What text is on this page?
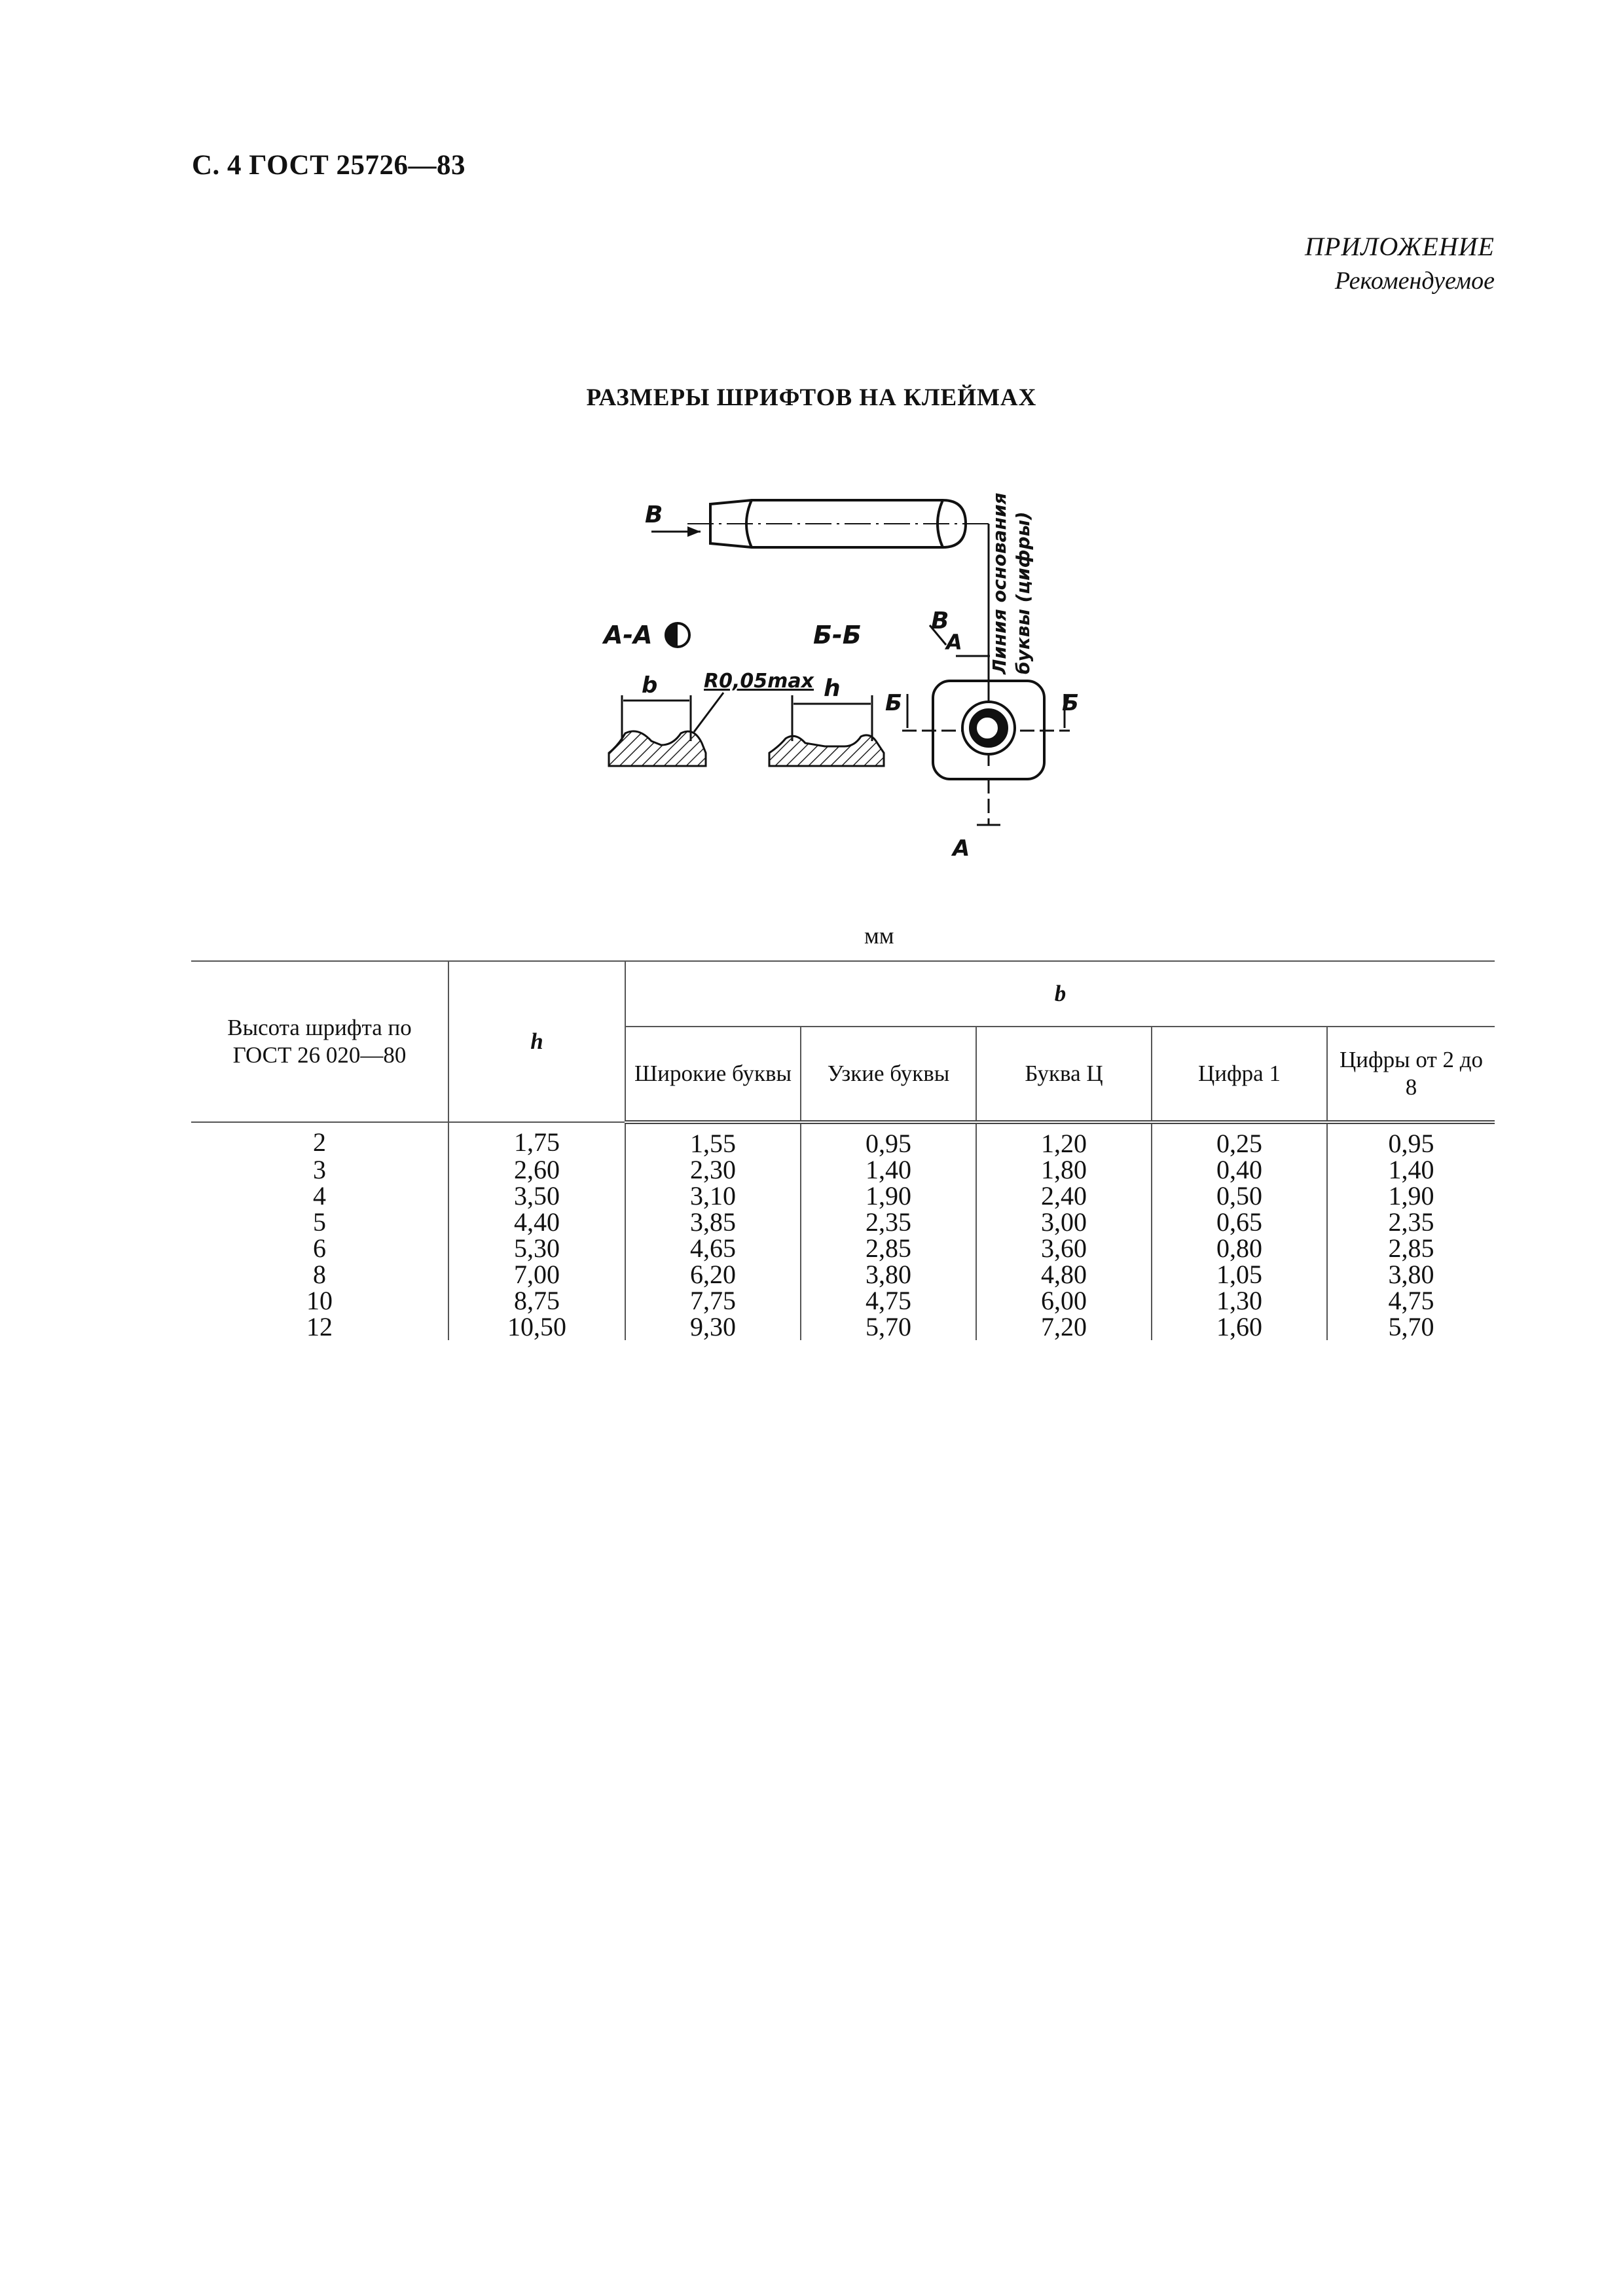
С. 4 ГОСТ 25726—83
ПРИЛОЖЕНИЕ
Рекомендуемое
РАЗМЕРЫ ШРИФТОВ НА КЛЕЙМАХ
В	Линия основания буквы (цифры)
А-А
b R0,05max
Б-Б
h
Б	Б
В
А
А
мм
Высота шрифта по ГОСТ 26 020—80	h	b				
		Широкие буквы	Узкие буквы	Буква Ц	Цифра 1	Цифры от 2 до 8
2	1,75	1,55	0,95	1,20	0,25	0,95
3	2,60	2,30	1,40	1,80	0,40	1,40
4	3,50	3,10	1,90	2,40	0,50	1,90
5	4,40	3,85	2,35	3,00	0,65	2,35
6	5,30	4,65	2,85	3,60	0,80	2,85
8	7,00	6,20	3,80	4,80	1,05	3,80
10	8,75	7,75	4,75	6,00	1,30	4,75
12	10,50	9,30	5,70	7,20	1,60	5,70
